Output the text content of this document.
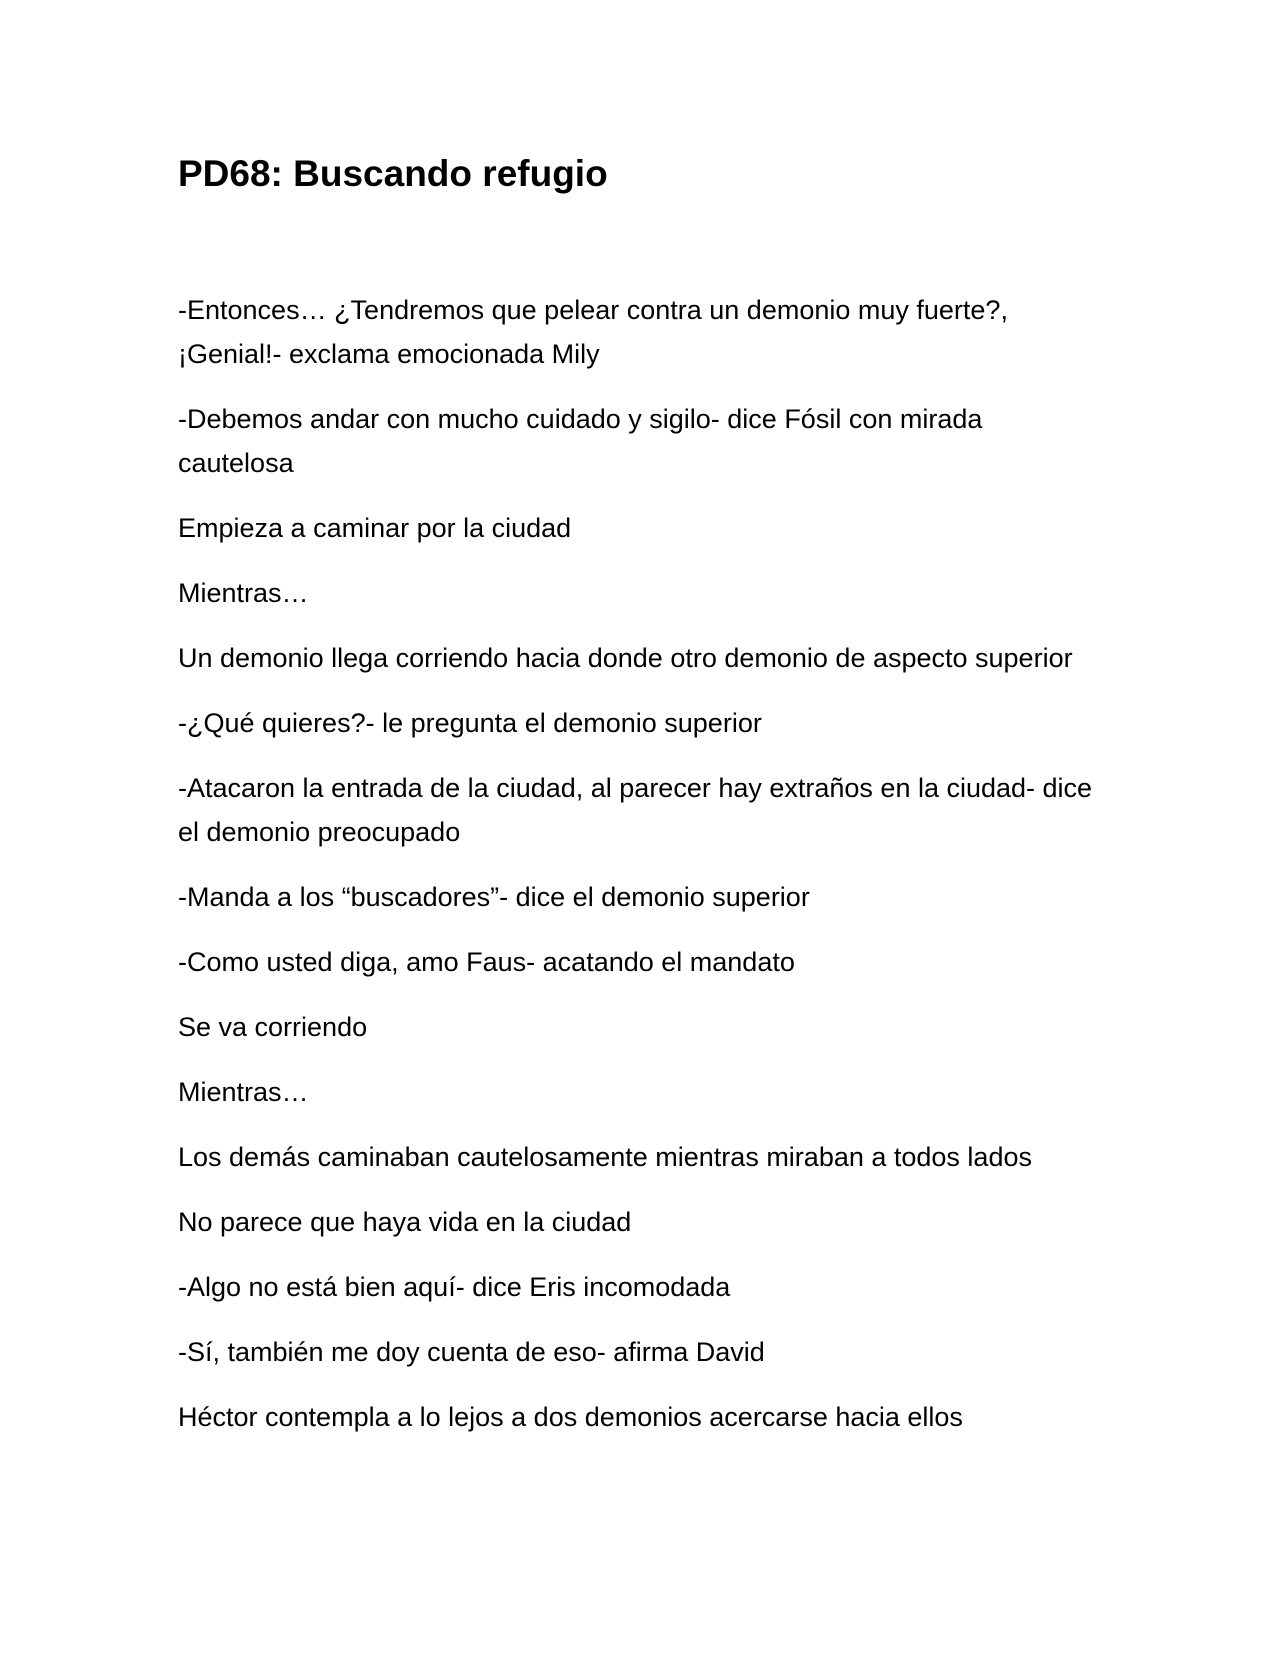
PD68: Buscando refugio

-Entonces… ¿Tendremos que pelear contra un demonio muy fuerte?, ¡Genial!- exclama emocionada Mily

-Debemos andar con mucho cuidado y sigilo- dice Fósil con mirada cautelosa

Empieza a caminar por la ciudad

Mientras…

Un demonio llega corriendo hacia donde otro demonio de aspecto superior

-¿Qué quieres?- le pregunta el demonio superior

-Atacaron la entrada de la ciudad, al parecer hay extraños en la ciudad- dice el demonio preocupado

-Manda a los “buscadores”- dice el demonio superior

-Como usted diga, amo Faus- acatando el mandato

Se va corriendo

Mientras…

Los demás caminaban cautelosamente mientras miraban a todos lados

No parece que haya vida en la ciudad

-Algo no está bien aquí- dice Eris incomodada

-Sí, también me doy cuenta de eso- afirma David

Héctor contempla a lo lejos a dos demonios acercarse hacia ellos
